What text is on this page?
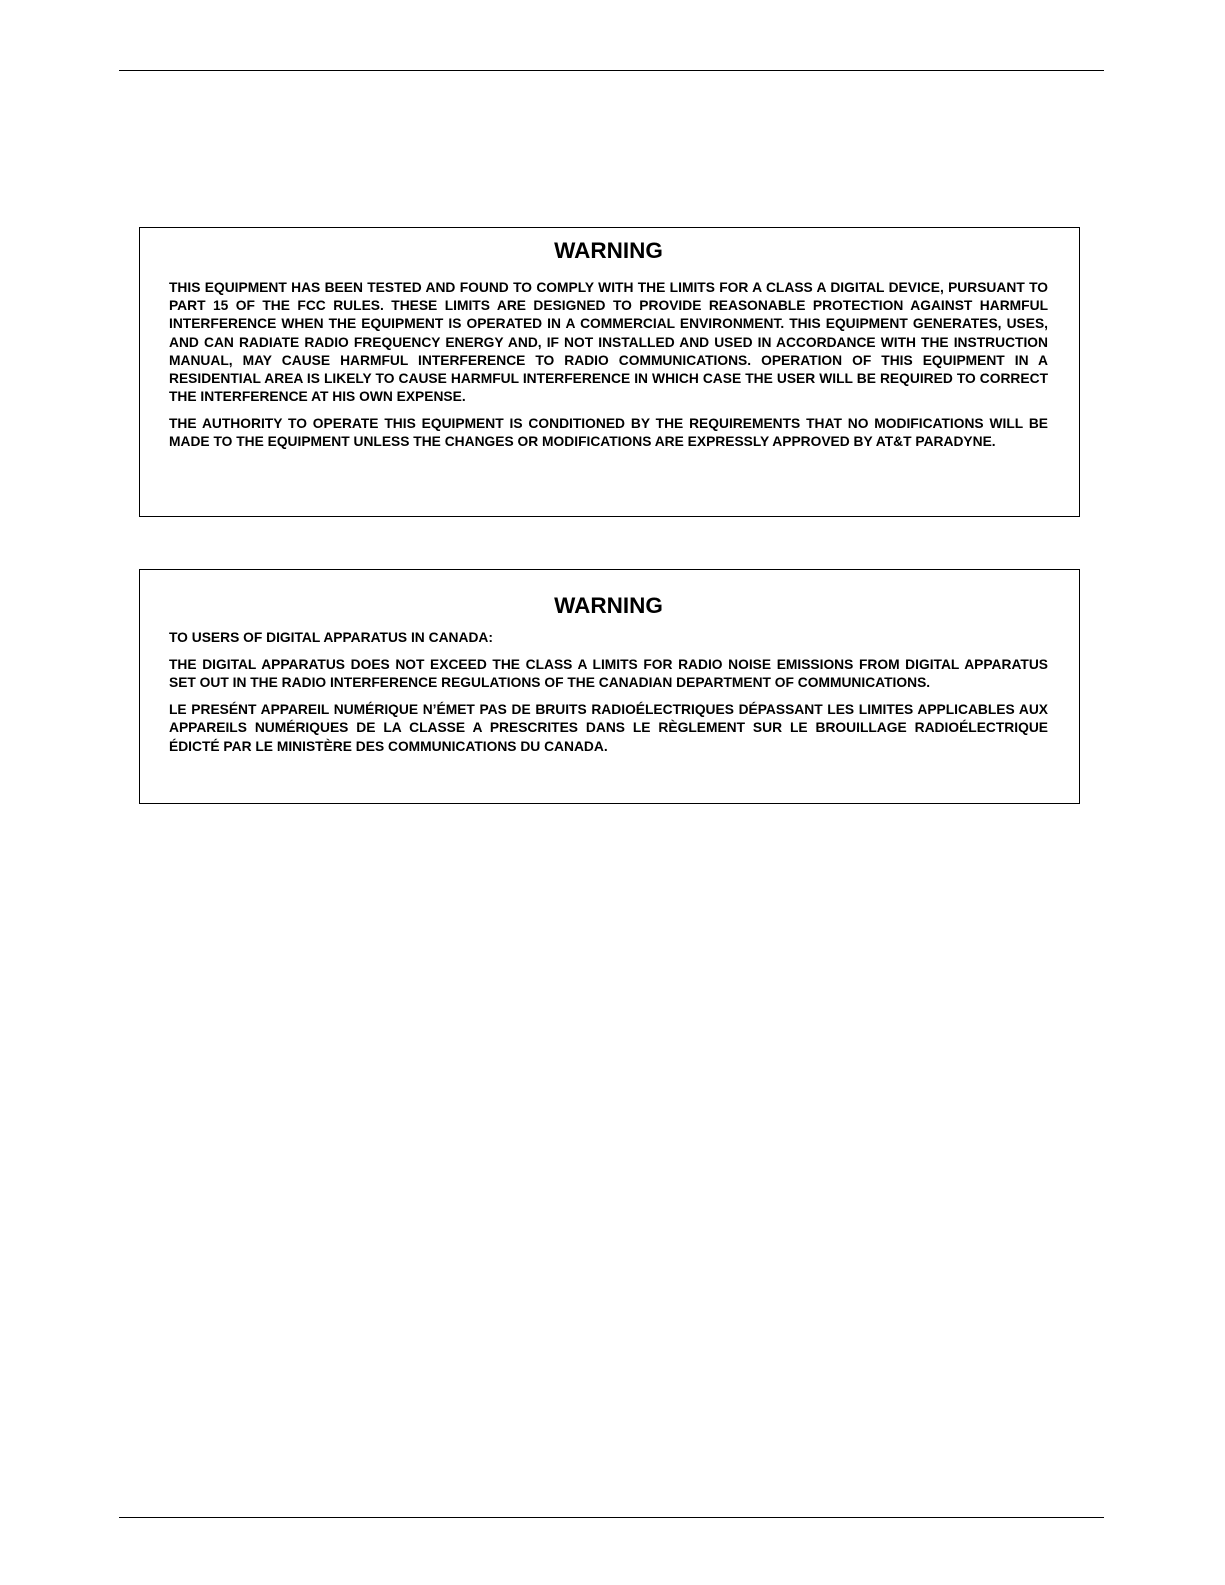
WARNING

THIS EQUIPMENT HAS BEEN TESTED AND FOUND TO COMPLY WITH THE LIMITS FOR A CLASS A DIGITAL DEVICE, PURSUANT TO PART 15 OF THE FCC RULES. THESE LIMITS ARE DESIGNED TO PROVIDE REASONABLE PROTECTION AGAINST HARMFUL INTERFERENCE WHEN THE EQUIPMENT IS OPERATED IN A COMMERCIAL ENVIRONMENT. THIS EQUIPMENT GENERATES, USES, AND CAN RADIATE RADIO FREQUENCY ENERGY AND, IF NOT INSTALLED AND USED IN ACCORDANCE WITH THE INSTRUCTION MANUAL, MAY CAUSE HARMFUL INTERFERENCE TO RADIO COMMUNICATIONS. OPERATION OF THIS EQUIPMENT IN A RESIDENTIAL AREA IS LIKELY TO CAUSE HARMFUL INTERFERENCE IN WHICH CASE THE USER WILL BE REQUIRED TO CORRECT THE INTERFERENCE AT HIS OWN EXPENSE.

THE AUTHORITY TO OPERATE THIS EQUIPMENT IS CONDITIONED BY THE REQUIREMENTS THAT NO MODIFICATIONS WILL BE MADE TO THE EQUIPMENT UNLESS THE CHANGES OR MODIFICATIONS ARE EXPRESSLY APPROVED BY AT&T PARADYNE.

WARNING

TO USERS OF DIGITAL APPARATUS IN CANADA:

THE DIGITAL APPARATUS DOES NOT EXCEED THE CLASS A LIMITS FOR RADIO NOISE EMISSIONS FROM DIGITAL APPARATUS SET OUT IN THE RADIO INTERFERENCE REGULATIONS OF THE CANADIAN DEPARTMENT OF COMMUNICATIONS.

LE PRESÉNT APPAREIL NUMÉRIQUE N’ÉMET PAS DE BRUITS RADIOÉLECTRIQUES DÉPASSANT LES LIMITES APPLICABLES AUX APPAREILS NUMÉRIQUES DE LA CLASSE A PRESCRITES DANS LE RÈGLEMENT SUR LE BROUILLAGE RADIOÉLECTRIQUE ÉDICTÉ PAR LE MINISTÈRE DES COMMUNICATIONS DU CANADA.
